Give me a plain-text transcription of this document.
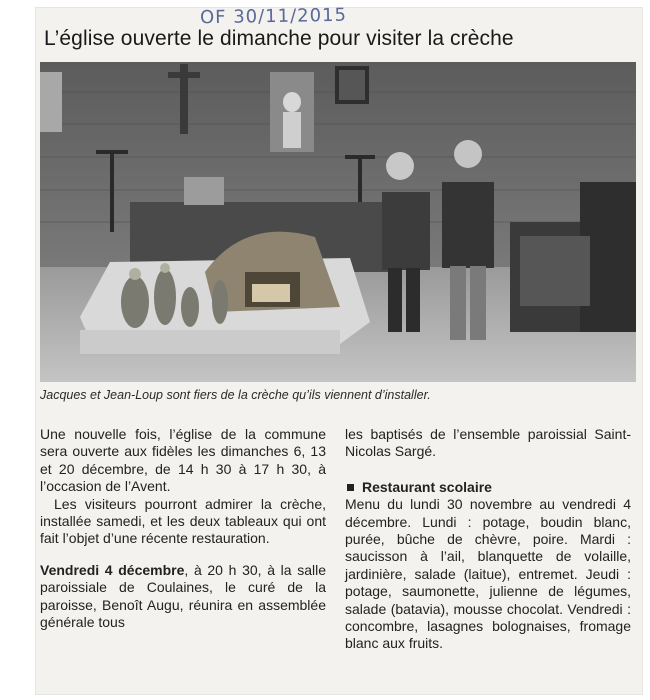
OF 30/11/2015
L’église ouverte le dimanche pour visiter la crèche
Jacques et Jean-Loup sont fiers de la crèche qu’ils viennent d’installer.

Une nouvelle fois, l’église de la commune sera ouverte aux fidèles les dimanches 6, 13 et 20 décembre, de 14 h 30 à 17 h 30, à l’occasion de l’Avent.

Les visiteurs pourront admirer la crèche, installée samedi, et les deux tableaux qui ont fait l’objet d’une récente restauration.

Vendredi 4 décembre, à 20 h 30, à la salle paroissiale de Coulaines, le curé de la paroisse, Benoît Augu, réunira en assemblée générale tous

les baptisés de l’ensemble paroissial Saint-Nicolas Sargé.

Restaurant scolaire

Menu du lundi 30 novembre au vendredi 4 décembre. Lundi : potage, boudin blanc, purée, bûche de chèvre, poire. Mardi : saucisson à l’ail, blanquette de volaille, jardinière, salade (laitue), entremet. Jeudi : potage, saumonette, julienne de légumes, salade (batavia), mousse chocolat. Vendredi : concombre, lasagnes bolognaises, fromage blanc aux fruits.
